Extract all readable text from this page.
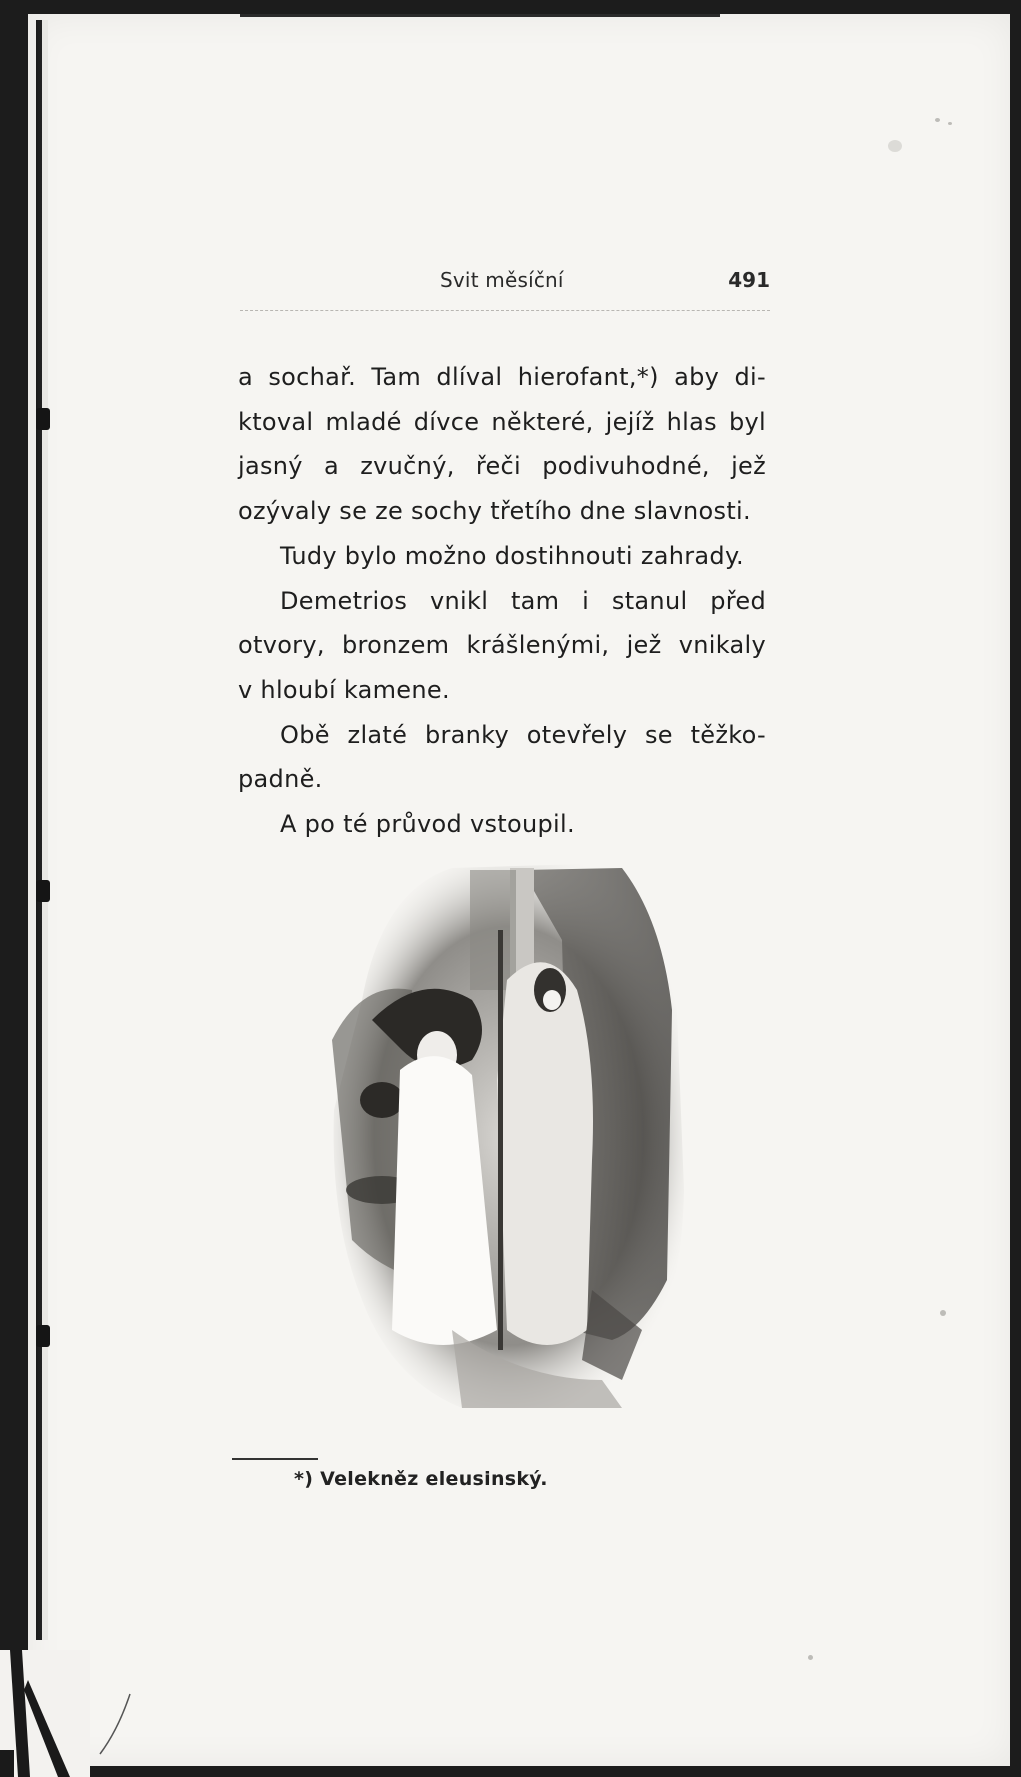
Svit měsíční	491
a sochař. Tam dlíval hierofant,*) aby di-
ktoval mladé dívce některé, jejíž hlas byl
jasný a zvučný, řeči podivuhodné, jež
ozývaly se ze sochy třetího dne slavnosti.
Tudy bylo možno dostihnouti zahrady.
Demetrios vnikl tam i stanul před
otvory, bronzem krášlenými, jež vnikaly
v hloubí kamene.
Obě zlaté branky otevřely se těžko-
padně.
A po té průvod vstoupil.
*) Velekněz eleusinský.
